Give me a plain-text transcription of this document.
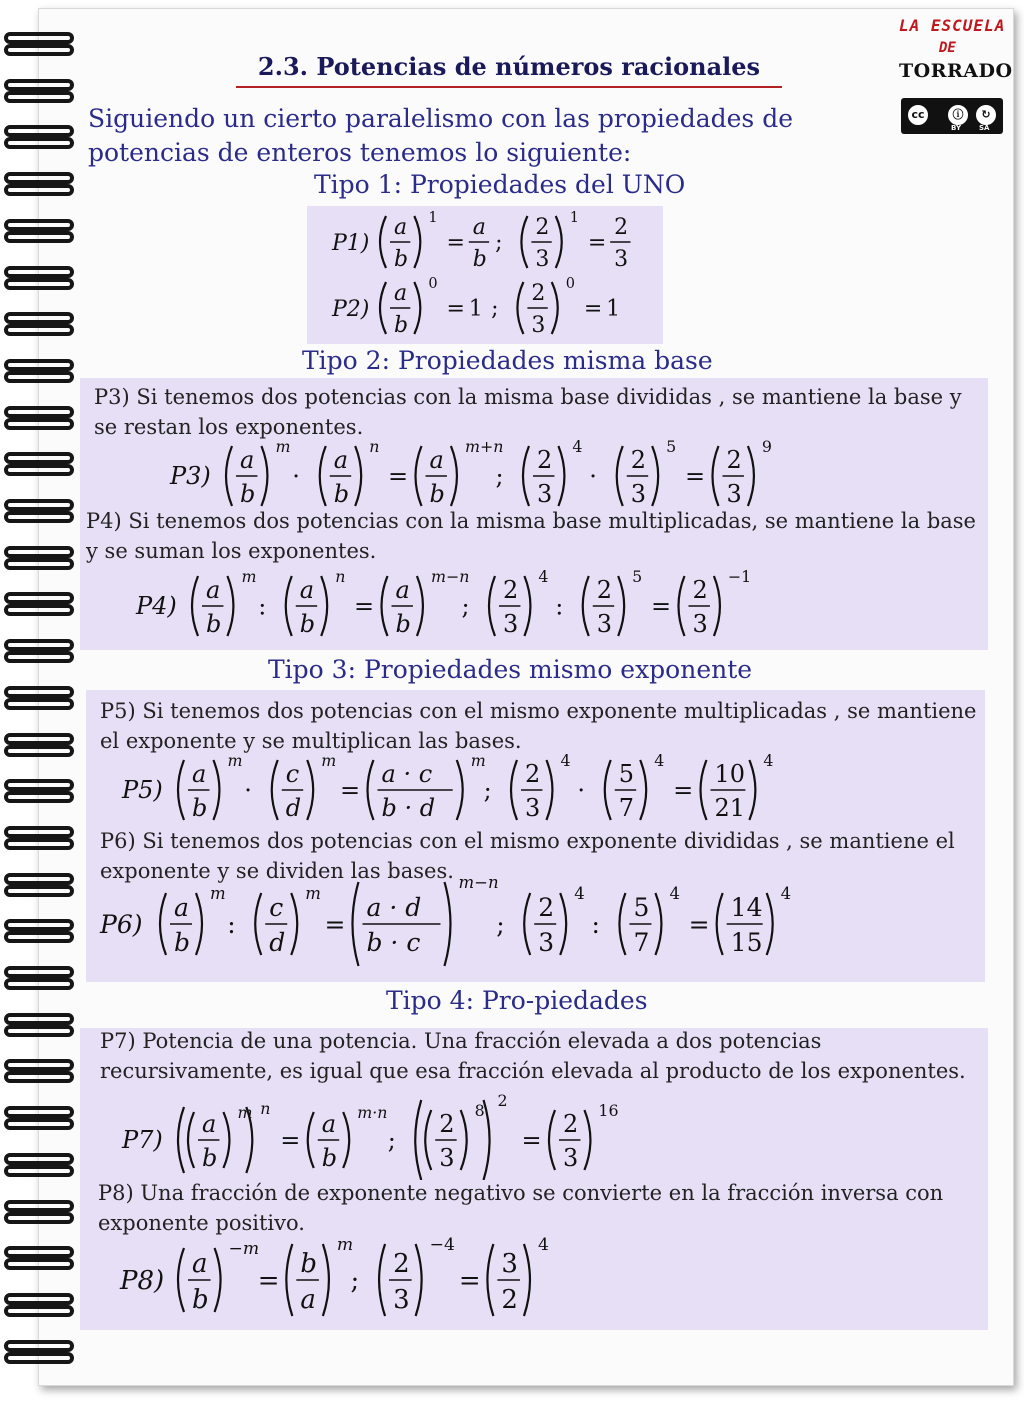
LA ESCUELA
DE
TORRADO
cc	ⓘ	↻
BY	SA
2.3. Potencias de números racionales
Siguiendo un cierto paralelismo con las propiedades de potencias de enteros tenemos lo siguiente:
Tipo 1: Propiedades del UNO
P1)
a
b
1
=
a
b
;
2
3
1
=
2
3
P2)
a
b
0
= 1 ;
2
3
0
= 1
Tipo 2: Propiedades misma base
P3) Si tenemos dos potencias con la misma base divididas , se mantiene la base y se restan los exponentes.
P3)
a
b
m
·
a
b
n
=
a
b
m+n
;
2
3
4
·
2
3
5
=
2
3
9
P4) Si tenemos dos potencias con la misma base multiplicadas, se mantiene la base y se suman los exponentes.
P4)
a
b
m
:
a
b
n
=
a
b
m−n
;
2
3
4
:
2
3
5
=
2
3
−1
Tipo 3: Propiedades mismo exponente
P5) Si tenemos dos potencias con el mismo exponente multiplicadas , se mantiene el exponente y se multiplican las bases.
P5)
a
b
m
·
c
d
m
=
a · c
b · d
m
;
2
3
4
·
5
7
4
=
10
21
4
P6) Si tenemos dos potencias con el mismo exponente divididas , se mantiene el exponente y se dividen las bases.
P6)
a
b
m
:
c
d
m
=
a · d
b · c
m−n
;
2
3
4
:
5
7
4
=
14
15
4
Tipo 4: Pro-piedades
P7) Potencia de una potencia. Una fracción elevada a dos potencias recursivamente, es igual que esa fracción elevada al producto de los exponentes.
P7)
a
b
m n
=
a
b
m·n
;
2
3
8
2
=
2
3
16
P8) Una fracción de exponente negativo se convierte en la fracción inversa con exponente positivo.
P8)
a
b
−m
=
b
a
m
;
2
3
−4
=
3
2
4
